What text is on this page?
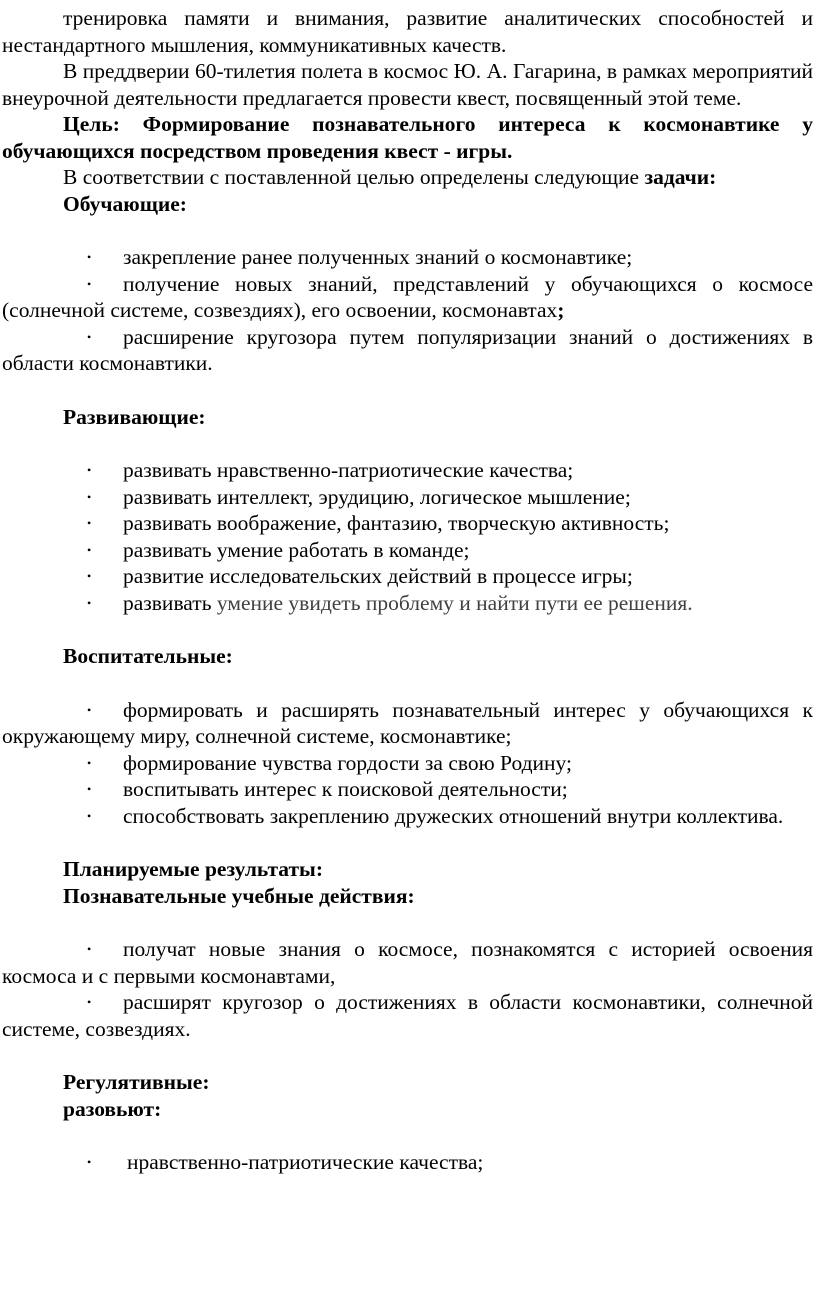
тренировка памяти и внимания, развитие аналитических способностей и нестандартного мышления, коммуникативных качеств.

В преддверии 60-тилетия полета в космос Ю. А. Гагарина, в рамках мероприятий внеурочной деятельности предлагается провести квест, посвященный этой теме.

Цель: Формирование познавательного интереса к космонавтике у обучающихся посредством проведения квест - игры.

В соответствии с поставленной целью определены следующие задачи:

Обучающие:

•	закрепление ранее полученных знаний о космонавтике;
•	получение новых знаний, представлений у обучающихся о космосе (солнечной системе, созвездиях), его освоении, космонавтах;
•	расширение кругозора путем популяризации знаний о достижениях в области космонавтики.

Развивающие:

•	развивать нравственно-патриотические качества;
•	развивать интеллект, эрудицию, логическое мышление;
•	развивать воображение, фантазию, творческую активность;
•	развивать умение работать в команде;
•	развитие исследовательских действий в процессе игры;
•	развивать умение увидеть проблему и найти пути ее решения.

Воспитательные:

•	формировать и расширять познавательный интерес у обучающихся к окружающему миру, солнечной системе, космонавтике;
•	формирование чувства гордости за свою Родину;
•	воспитывать интерес к поисковой деятельности;
•	способствовать закреплению дружеских отношений внутри коллектива.

Планируемые результаты:

Познавательные учебные действия:

•	получат новые знания о космосе, познакомятся с историей освоения космоса и с первыми космонавтами,
•	расширят кругозор о достижениях в области космонавтики, солнечной системе, созвездиях.

Регулятивные:

разовьют:

•	нравственно-патриотические качества;
